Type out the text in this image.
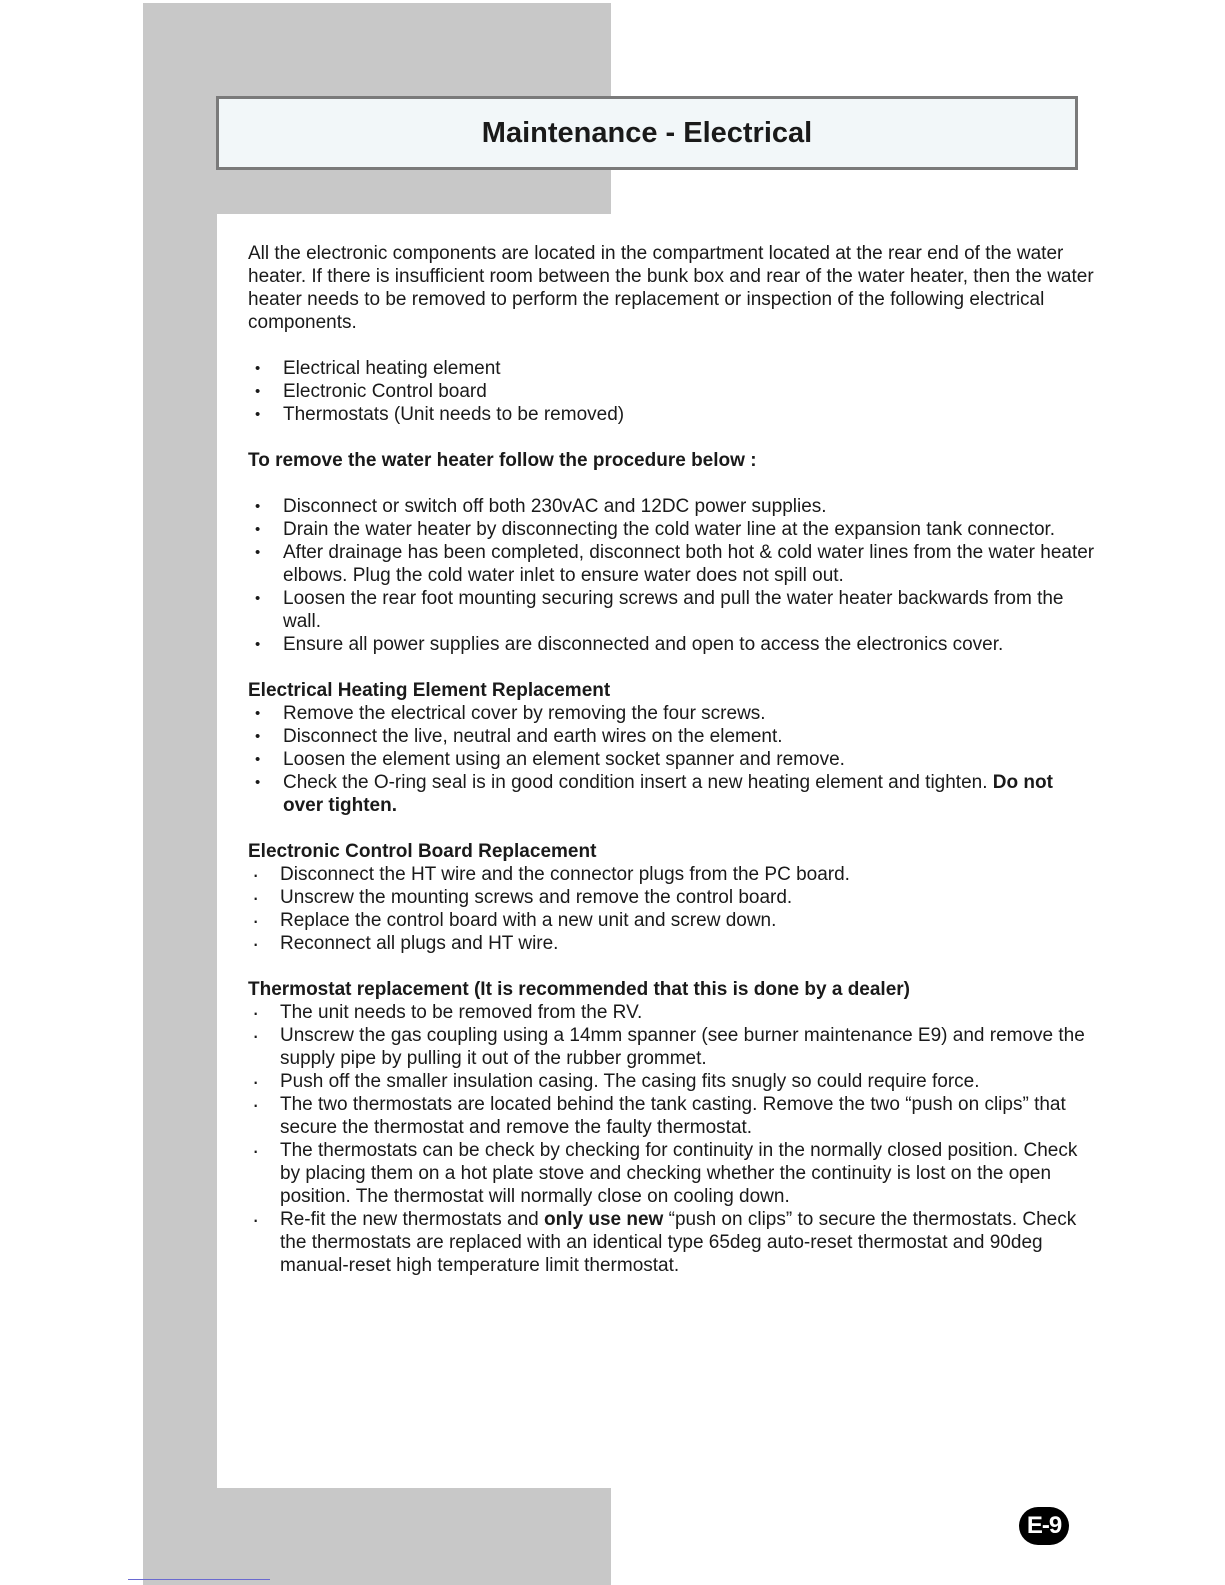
Maintenance - Electrical

All the electronic components are located in the compartment located at the rear end of the water heater. If there is insufficient room between the bunk box and rear of the water heater, then the water heater needs to be removed to perform the replacement or inspection of the following electrical components.

• Electrical heating element
• Electronic Control board
• Thermostats (Unit needs to be removed)

To remove the water heater follow the procedure below :

• Disconnect or switch off both 230vAC and 12DC power supplies.
• Drain the water heater by disconnecting the cold water line at the expansion tank connector.
• After drainage has been completed, disconnect both hot & cold water lines from the water heater elbows. Plug the cold water inlet to ensure water does not spill out.
• Loosen the rear foot mounting securing screws and pull the water heater backwards from the wall.
• Ensure all power supplies are disconnected and open to access the electronics cover.

Electrical Heating Element Replacement

• Remove the electrical cover by removing the four screws.
• Disconnect the live, neutral and earth wires on the element.
• Loosen the element using an element socket spanner and remove.
• Check the O-ring seal is in good condition insert a new heating element and tighten. Do not over tighten.

Electronic Control Board Replacement

· Disconnect the HT wire and the connector plugs from the PC board.
· Unscrew the mounting screws and remove the control board.
· Replace the control board with a new unit and screw down.
· Reconnect all plugs and HT wire.

Thermostat replacement (It is recommended that this is done by a dealer)

· The unit needs to be removed from the RV.
· Unscrew the gas coupling using a 14mm spanner (see burner maintenance E9) and remove the supply pipe by pulling it out of the rubber grommet.
· Push off the smaller insulation casing. The casing fits snugly so could require force.
· The two thermostats are located behind the tank casting. Remove the two “push on clips” that secure the thermostat and remove the faulty thermostat.
· The thermostats can be check by checking for continuity in the normally closed position. Check by placing them on a hot plate stove and checking whether the continuity is lost on the open position. The thermostat will normally close on cooling down.
· Re-fit the new thermostats and only use new “push on clips” to secure the thermostats. Check the thermostats are replaced with an identical type 65deg auto-reset thermostat and 90deg manual-reset high temperature limit thermostat.
E-9
